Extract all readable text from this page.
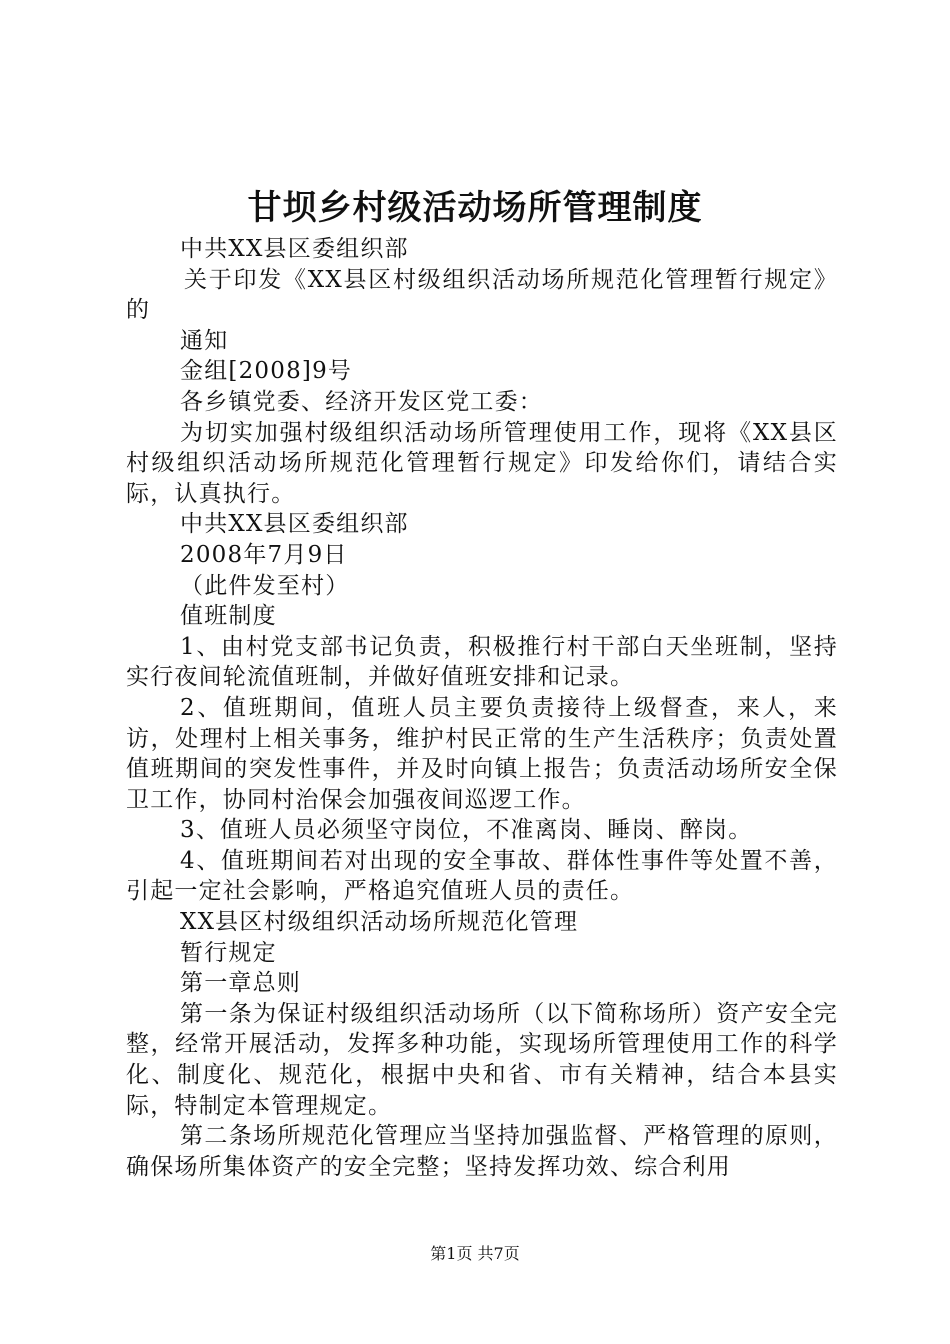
甘坝乡村级活动场所管理制度

中共XX县区委组织部

关于印发《XX县区村级组织活动场所规范化管理暂行规定》的

通知

金组[2008]9号

各乡镇党委、经济开发区党工委：

为切实加强村级组织活动场所管理使用工作，现将《XX县区村级组织活动场所规范化管理暂行规定》印发给你们，请结合实际，认真执行。

中共XX县区委组织部

2008年7月9日

（此件发至村）

值班制度

1、由村党支部书记负责，积极推行村干部白天坐班制，坚持实行夜间轮流值班制，并做好值班安排和记录。

2、值班期间，值班人员主要负责接待上级督查，来人，来访，处理村上相关事务，维护村民正常的生产生活秩序；负责处置值班期间的突发性事件，并及时向镇上报告；负责活动场所安全保卫工作，协同村治保会加强夜间巡逻工作。

3、值班人员必须坚守岗位，不准离岗、睡岗、醉岗。

4、值班期间若对出现的安全事故、群体性事件等处置不善，引起一定社会影响，严格追究值班人员的责任。

XX县区村级组织活动场所规范化管理

暂行规定

第一章总则

第一条为保证村级组织活动场所（以下简称场所）资产安全完整，经常开展活动，发挥多种功能，实现场所管理使用工作的科学化、制度化、规范化，根据中央和省、市有关精神，结合本县实际，特制定本管理规定。

第二条场所规范化管理应当坚持加强监督、严格管理的原则，确保场所集体资产的安全完整；坚持发挥功效、综合利用

第1页 共7页
